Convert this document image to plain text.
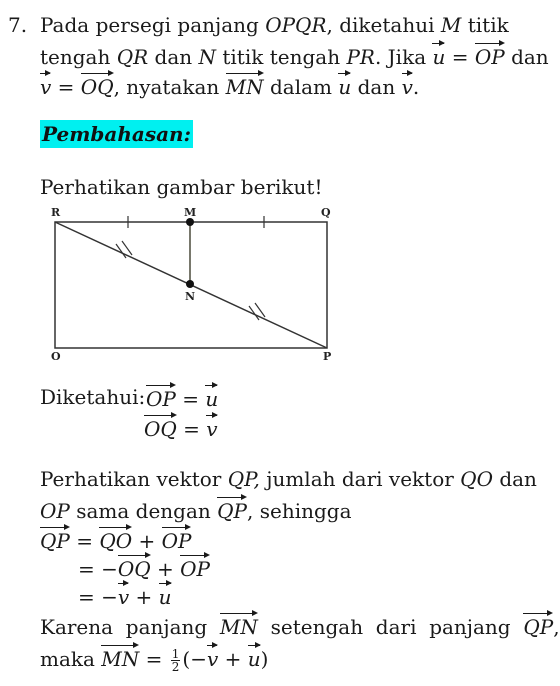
7. Pada persegi panjang OPQR, diketahui M titik
tengah QR dan N titik tengah PR. Jika u = OP dan
v = OQ, nyatakan MN dalam u dan v.
Pembahasan:
Perhatikan gambar berikut!
R	M	Q
N
O	P
Diketahui: OP = u
OQ = v
Perhatikan vektor QP, jumlah dari vektor QO dan
OP sama dengan QP, sehingga
QP = QO + OP
= −OQ + OP
= −v + u
Karena  panjang  MN  setengah  dari  panjang  QP,
maka MN = $\frac{1}{2} (-v + u)$
